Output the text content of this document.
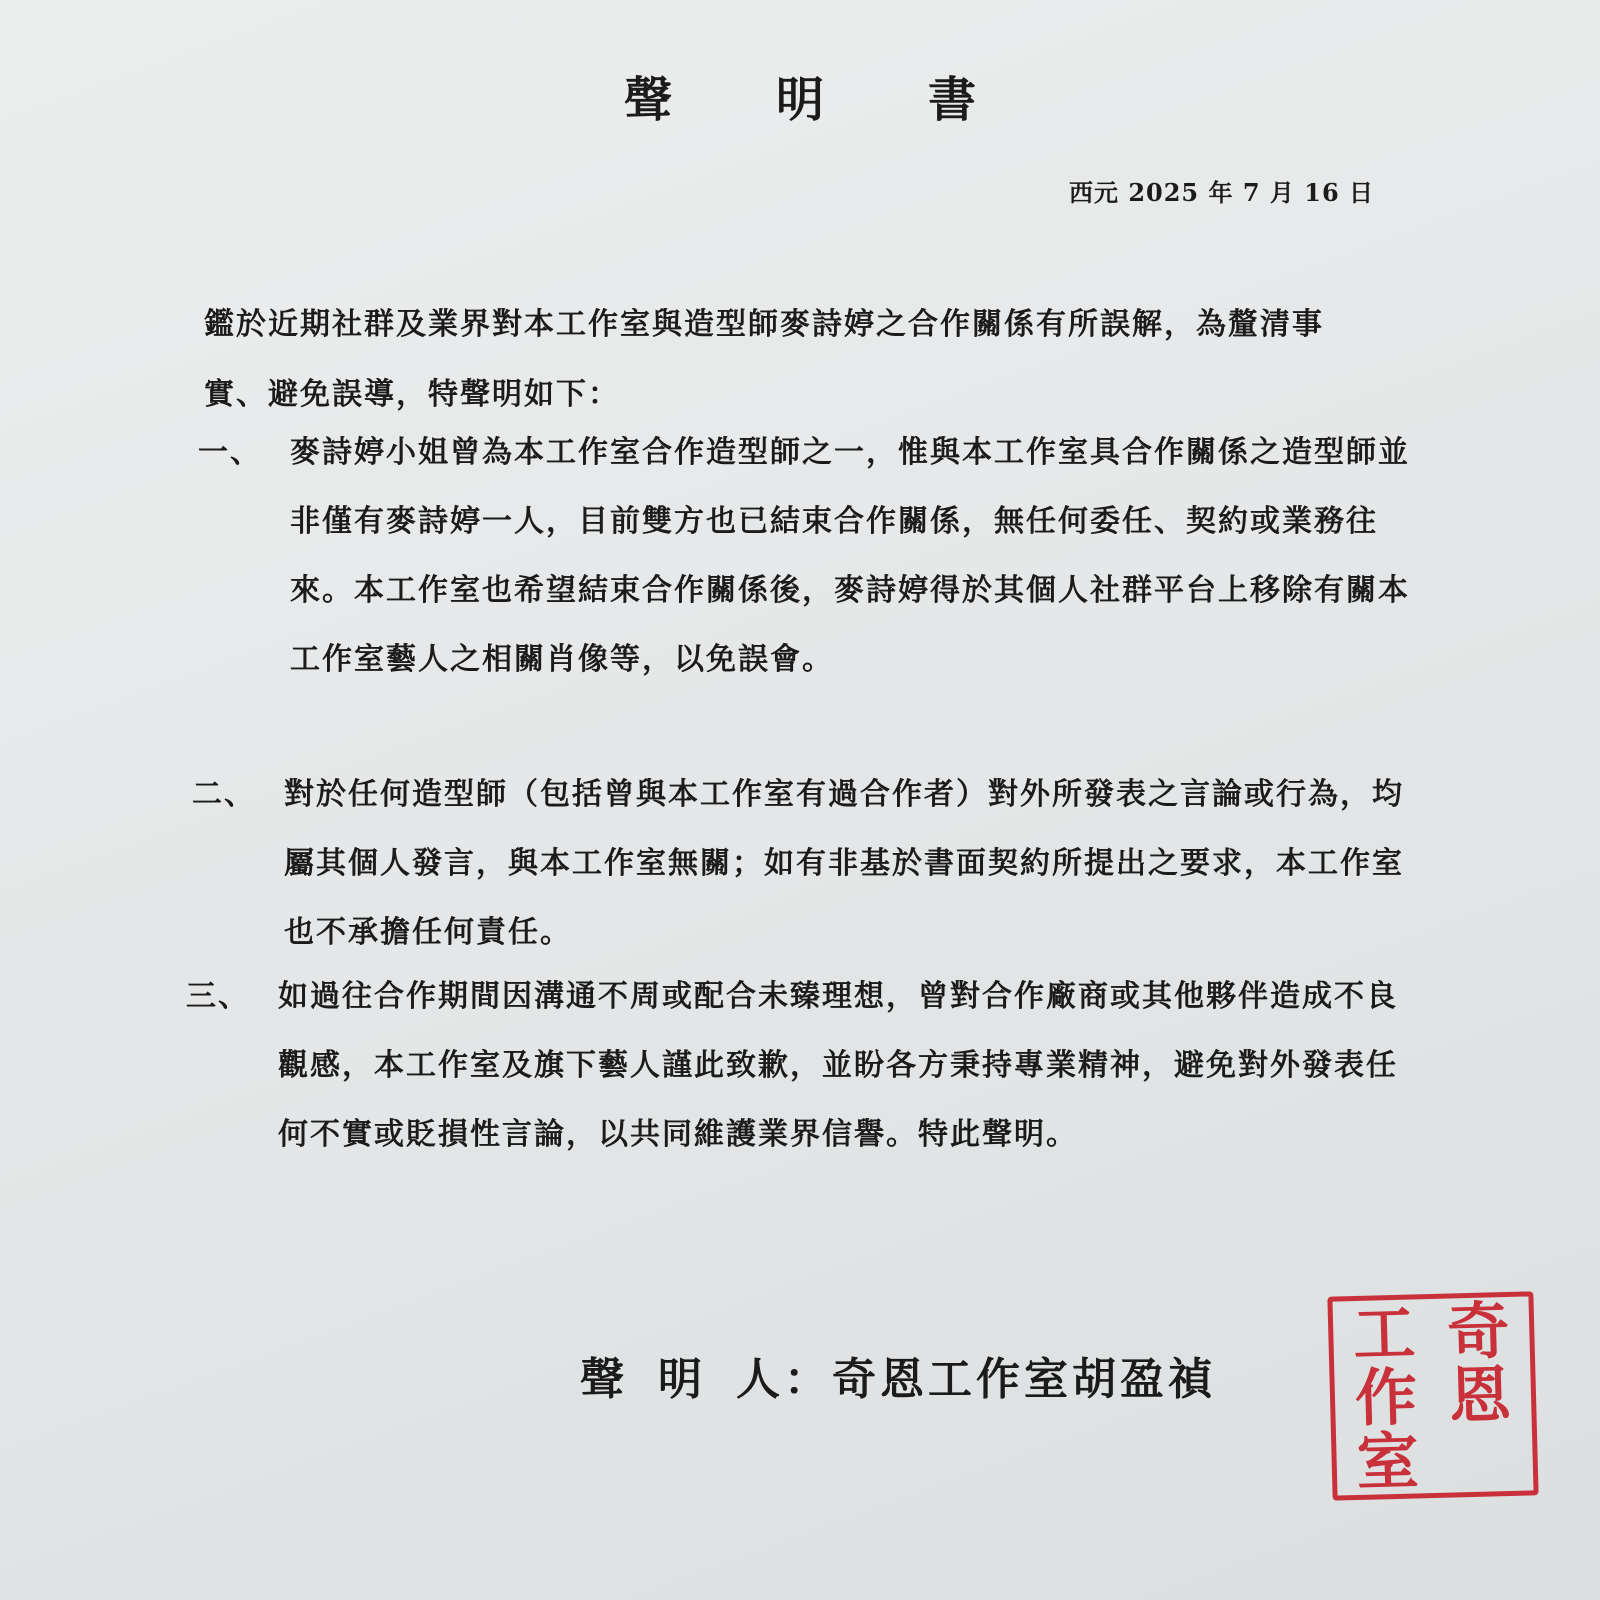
聲 明 書
西元 2025 年 7 月 16 日
鑑於近期社群及業界對本工作室與造型師麥詩婷之合作關係有所誤解，為釐清事實、避免誤導，特聲明如下：
一、 麥詩婷小姐曾為本工作室合作造型師之一，惟與本工作室具合作關係之造型師並非僅有麥詩婷一人，目前雙方也已結束合作關係，無任何委任、契約或業務往來。本工作室也希望結束合作關係後，麥詩婷得於其個人社群平台上移除有關本工作室藝人之相關肖像等，以免誤會。
二、 對於任何造型師（包括曾與本工作室有過合作者）對外所發表之言論或行為，均屬其個人發言，與本工作室無關；如有非基於書面契約所提出之要求，本工作室也不承擔任何責任。
三、 如過往合作期間因溝通不周或配合未臻理想，曾對合作廠商或其他夥伴造成不良觀感，本工作室及旗下藝人謹此致歉，並盼各方秉持專業精神，避免對外發表任何不實或貶損性言論，以共同維護業界信譽。特此聲明。
聲 明 人：奇恩工作室胡盈禎
奇
恩
工
作
室
